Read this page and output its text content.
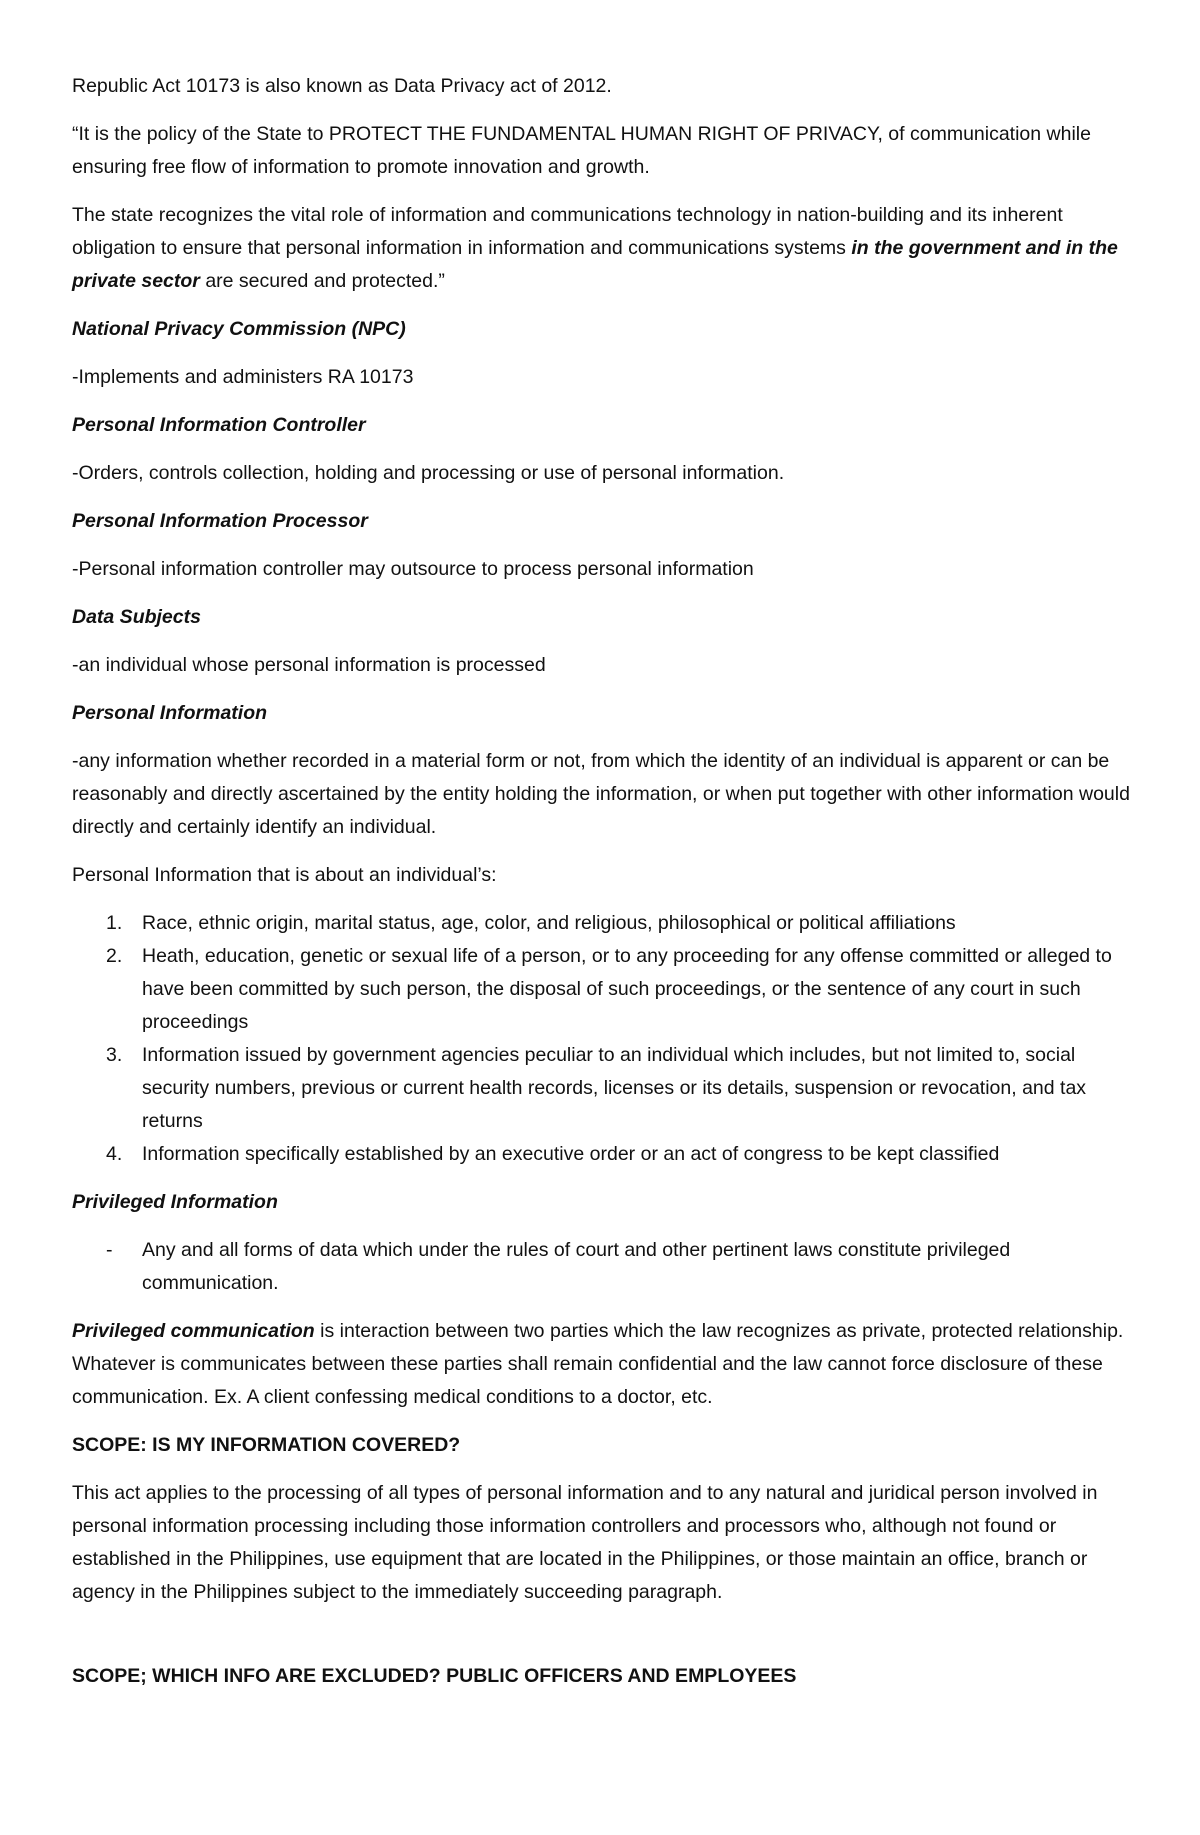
Republic Act 10173 is also known as Data Privacy act of 2012.

“It is the policy of the State to PROTECT THE FUNDAMENTAL HUMAN RIGHT OF PRIVACY, of communication while ensuring free flow of information to promote innovation and growth.

The state recognizes the vital role of information and communications technology in nation-building and its inherent obligation to ensure that personal information in information and communications systems in the government and in the private sector are secured and protected.”

National Privacy Commission (NPC)

-Implements and administers RA 10173

Personal Information Controller

-Orders, controls collection, holding and processing or use of personal information.

Personal Information Processor

-Personal information controller may outsource to process personal information

Data Subjects

-an individual whose personal information is processed

Personal Information

-any information whether recorded in a material form or not, from which the identity of an individual is apparent or can be reasonably and directly ascertained by the entity holding the information, or when put together with other information would directly and certainly identify an individual.

Personal Information that is about an individual’s:

1. Race, ethnic origin, marital status, age, color, and religious, philosophical or political affiliations
2. Heath, education, genetic or sexual life of a person, or to any proceeding for any offense committed or alleged to have been committed by such person, the disposal of such proceedings, or the sentence of any court in such proceedings
3. Information issued by government agencies peculiar to an individual which includes, but not limited to, social security numbers, previous or current health records, licenses or its details, suspension or revocation, and tax returns
4. Information specifically established by an executive order or an act of congress to be kept classified

Privileged Information

- Any and all forms of data which under the rules of court and other pertinent laws constitute privileged communication.

Privileged communication is interaction between two parties which the law recognizes as private, protected relationship. Whatever is communicates between these parties shall remain confidential and the law cannot force disclosure of these communication. Ex. A client confessing medical conditions to a doctor, etc.

SCOPE: IS MY INFORMATION COVERED?

This act applies to the processing of all types of personal information and to any natural and juridical person involved in personal information processing including those information controllers and processors who, although not found or established in the Philippines, use equipment that are located in the Philippines, or those maintain an office, branch or agency in the Philippines subject to the immediately succeeding paragraph.

SCOPE; WHICH INFO ARE EXCLUDED? PUBLIC OFFICERS AND EMPLOYEES
